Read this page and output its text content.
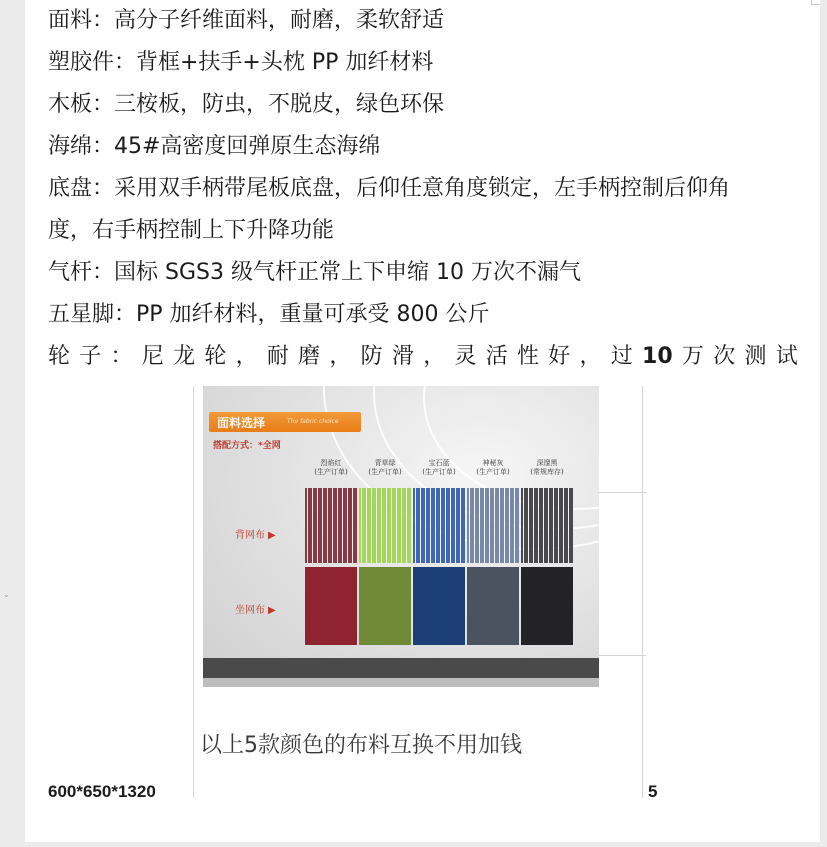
⌄
面料：高分子纤维面料，耐磨，柔软舒适
塑胶件：背框+扶手+头枕 PP 加纤材料
木板：三桉板，防虫，不脱皮，绿色环保
海绵：45#高密度回弹原生态海绵
底盘：采用双手柄带尾板底盘，后仰任意角度锁定，左手柄控制后仰角
度，右手柄控制上下升降功能
气杆：国标 SGS3 级气杆正常上下申缩 10 万次不漏气
五星脚：PP 加纤材料，重量可承受 800 公斤
轮 子 ： 尼 龙 轮 ， 耐 磨 ， 防 滑 ， 灵 活 性 好 ， 过 10 万 次 测 试
面料选择	The fabric choice
搭配方式：*全网
烈焰红
(生产订单)
青草绿
(生产订单)
宝石蓝
(生产订单)
神秘灰
(生产订单)
深邃黑
(常规库存)
背网布 ▶
坐网布 ▶
以上5款颜色的布料互换不用加钱
600*650*1320	5
